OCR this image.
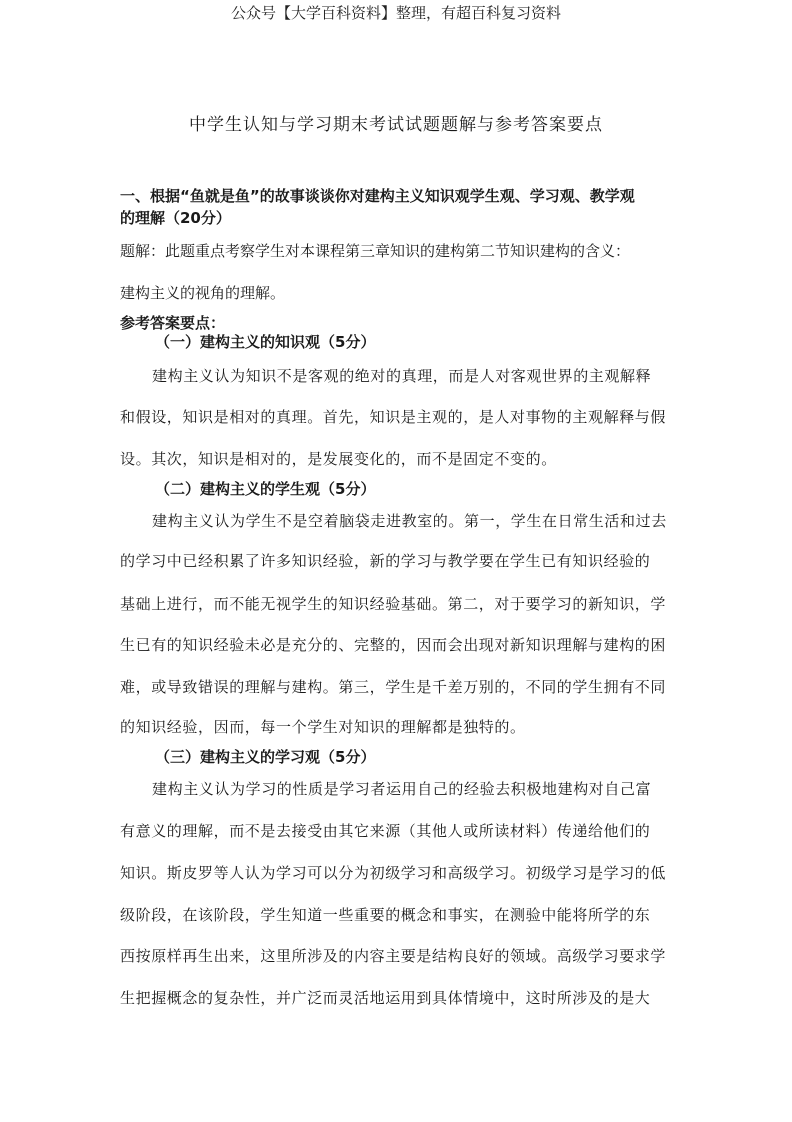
公众号【大学百科资料】整理，有超百科复习资料
中学生认知与学习期末考试试题题解与参考答案要点
一、根据“鱼就是鱼”的故事谈谈你对建构主义知识观学生观、学习观、教学观
的理解（20分）
题解：此题重点考察学生对本课程第三章知识的建构第二节知识建构的含义：
建构主义的视角的理解。
参考答案要点：
（一）建构主义的知识观（5分）
建构主义认为知识不是客观的绝对的真理，而是人对客观世界的主观解释
和假设，知识是相对的真理。首先，知识是主观的，是人对事物的主观解释与假
设。其次，知识是相对的，是发展变化的，而不是固定不变的。
（二）建构主义的学生观（5分）
建构主义认为学生不是空着脑袋走进教室的。第一，学生在日常生活和过去
的学习中已经积累了许多知识经验，新的学习与教学要在学生已有知识经验的
基础上进行，而不能无视学生的知识经验基础。第二，对于要学习的新知识，学
生已有的知识经验未必是充分的、完整的，因而会出现对新知识理解与建构的困
难，或导致错误的理解与建构。第三，学生是千差万别的，不同的学生拥有不同
的知识经验，因而，每一个学生对知识的理解都是独特的。
（三）建构主义的学习观（5分）
建构主义认为学习的性质是学习者运用自己的经验去积极地建构对自己富
有意义的理解，而不是去接受由其它来源（其他人或所读材料）传递给他们的
知识。斯皮罗等人认为学习可以分为初级学习和高级学习。初级学习是学习的低
级阶段，在该阶段，学生知道一些重要的概念和事实，在测验中能将所学的东
西按原样再生出来，这里所涉及的内容主要是结构良好的领域。高级学习要求学
生把握概念的复杂性，并广泛而灵活地运用到具体情境中，这时所涉及的是大
